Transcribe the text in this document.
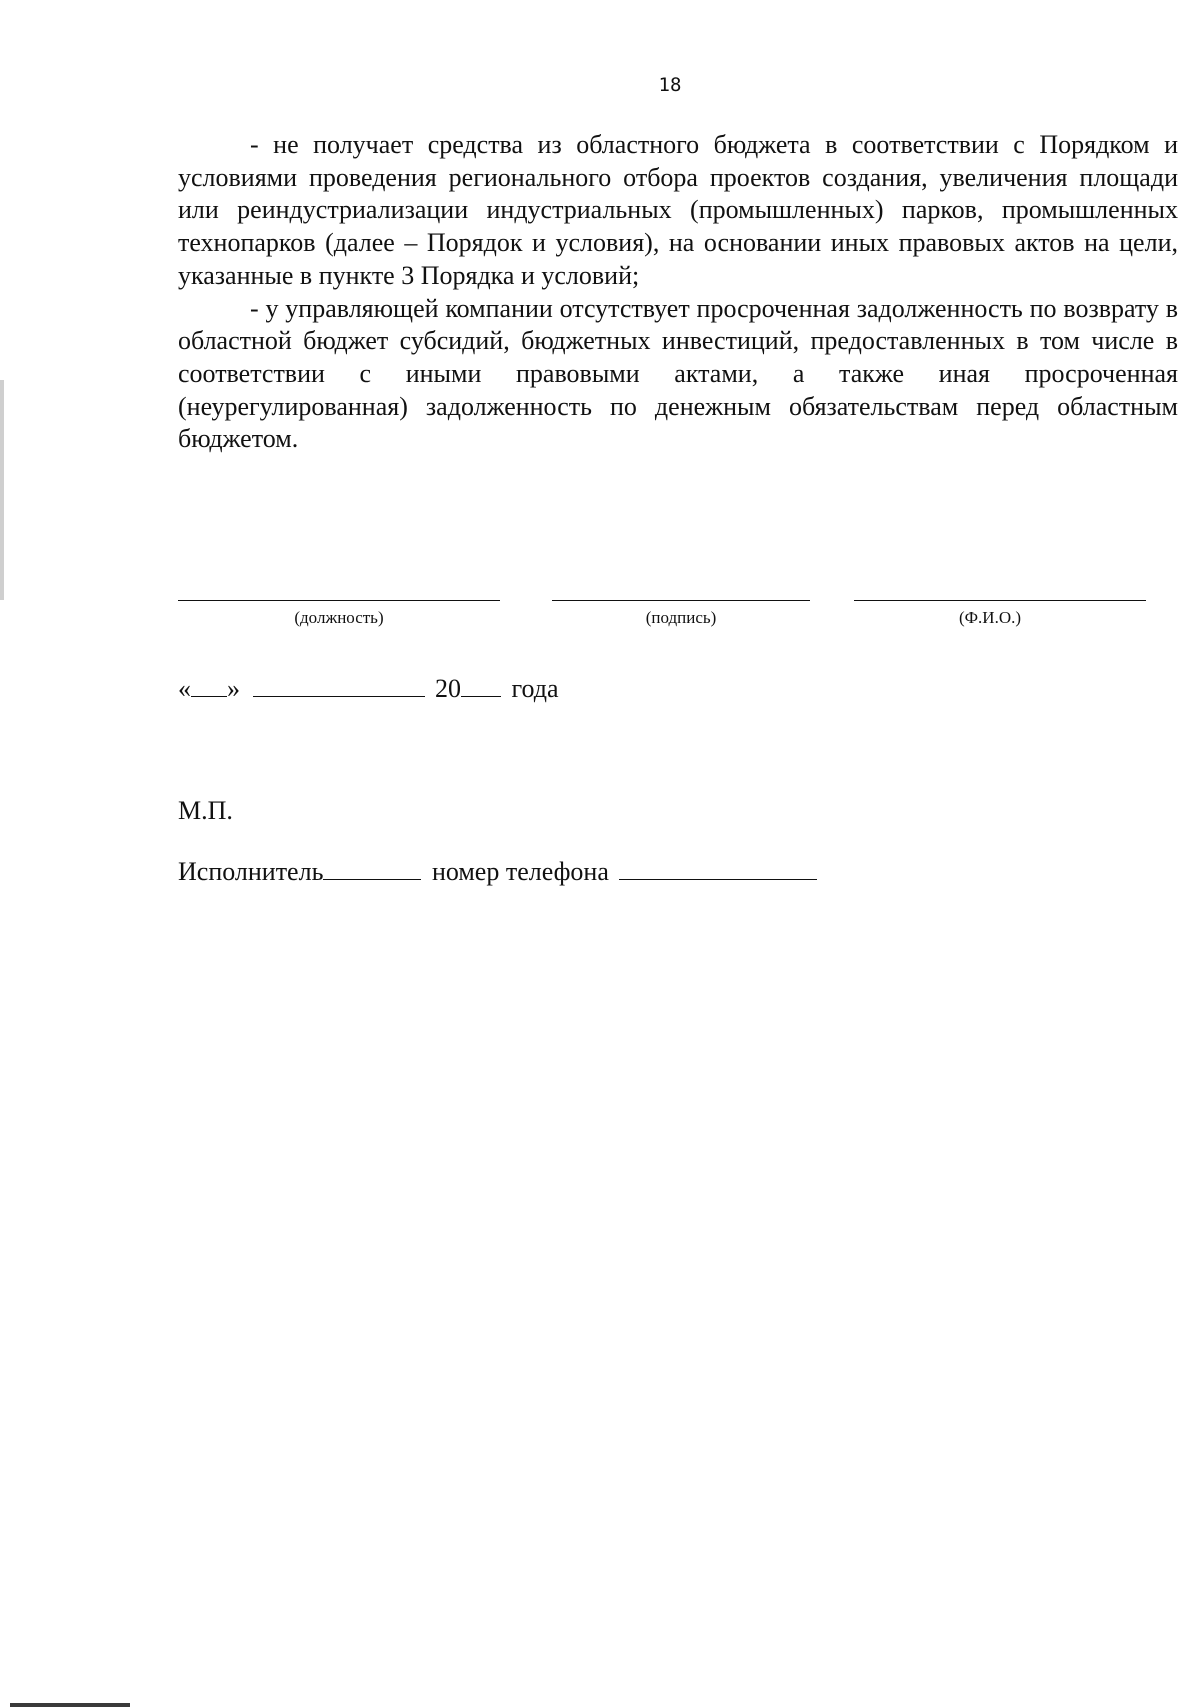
18

- не получает средства из областного бюджета в соответствии с Порядком и условиями проведения регионального отбора проектов создания, увеличения площади или реиндустриализации индустриальных (промышленных) парков, промышленных технопарков (далее – Порядок и условия), на основании иных правовых актов на цели, указанные в пункте 3 Порядка и условий;

- у управляющей компании отсутствует просроченная задолженность по возврату в областной бюджет субсидий, бюджетных инвестиций, предоставленных в том числе в соответствии с иными правовыми актами, а также иная просроченная (неурегулированная) задолженность по денежным обязательствам перед областным бюджетом.

(должность)	(подпись)	(Ф.И.О.)
« »	20 года
М.П.
Исполнитель	номер телефона
